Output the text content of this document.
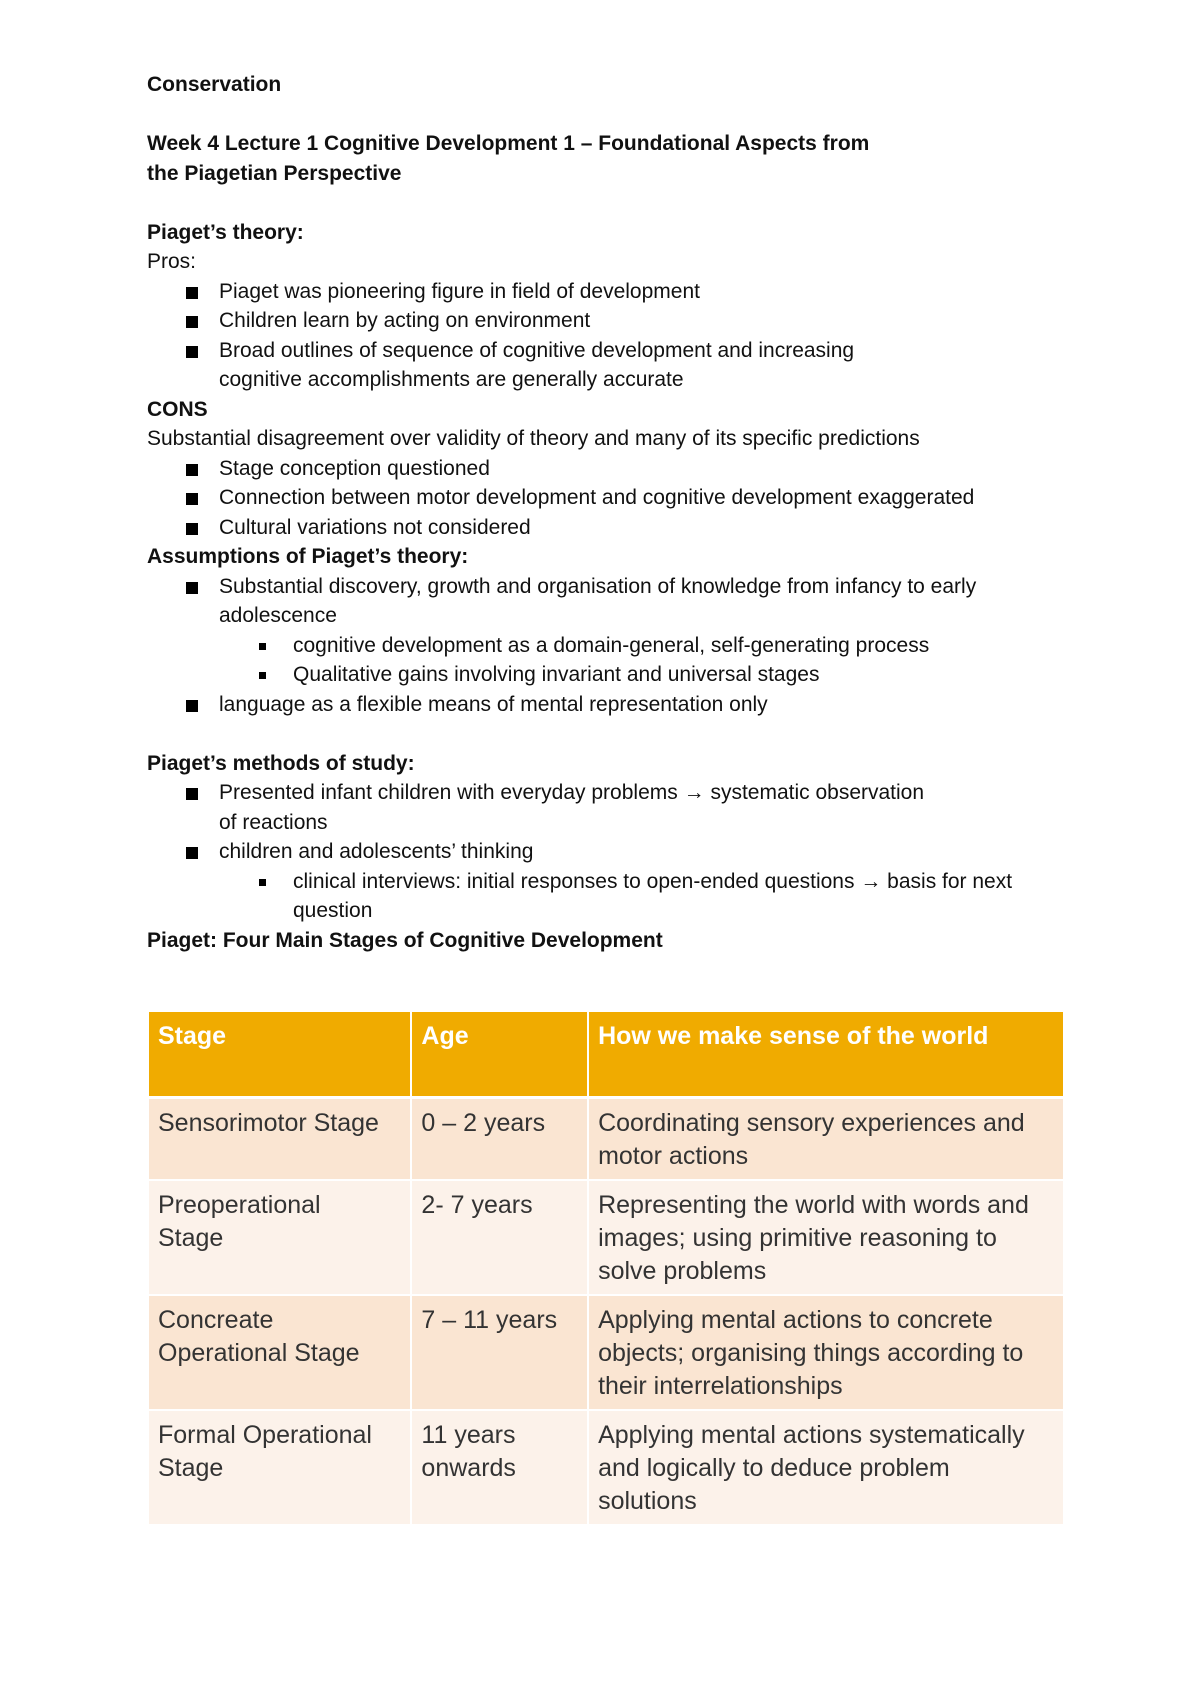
Conservation
Week 4 Lecture 1 Cognitive Development 1 – Foundational Aspects from
the Piagetian Perspective
Piaget’s theory:
Pros:
Piaget was pioneering figure in field of development
Children learn by acting on environment
Broad outlines of sequence of cognitive development and increasing cognitive accomplishments are generally accurate
CONS
Substantial disagreement over validity of theory and many of its specific predictions
Stage conception questioned
Connection between motor development and cognitive development exaggerated
Cultural variations not considered
Assumptions of Piaget’s theory:
Substantial discovery, growth and organisation of knowledge from infancy to early adolescence
cognitive development as a domain-general, self-generating process
Qualitative gains involving invariant and universal stages
language as a flexible means of mental representation only
Piaget’s methods of study:
Presented infant children with everyday problems → systematic observation of reactions
children and adolescents’ thinking
clinical interviews: initial responses to open-ended questions → basis for next question
Piaget: Four Main Stages of Cognitive Development
Stage	Age	How we make sense of the world
Sensorimotor Stage	0 – 2 years	Coordinating sensory experiences and motor actions
Preoperational Stage	2- 7 years	Representing the world with words and images; using primitive reasoning to solve problems
Concreate Operational Stage	7 – 11 years	Applying mental actions to concrete objects; organising things according to their interrelationships
Formal Operational Stage	11 years onwards	Applying mental actions systematically and logically to deduce problem solutions
